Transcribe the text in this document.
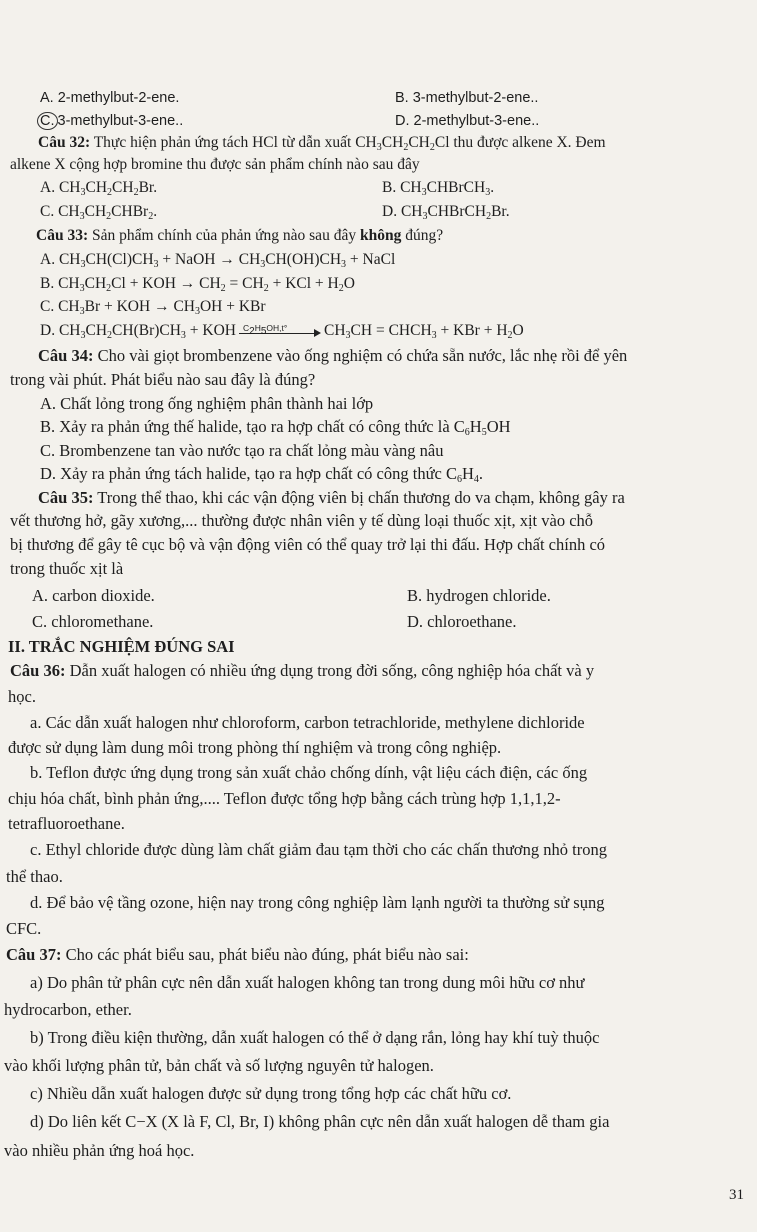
A. 2-methylbut-2-ene.	B. 3-methylbut-2-ene..
C. 3-methylbut-3-ene..	D. 2-methylbut-3-ene..
Câu 32: Thực hiện phản ứng tách HCl từ dẫn xuất $CH_3CH_2CH_2Cl$ thu được alkene X. Đem
alkene X cộng hợp bromine thu được sản phẩm chính nào sau đây
A. $CH_3CH_2CH_2Br$.	B. $CH_3CHBrCH_3$.
C. $CH_3CH_2CHBr_2$.	D. $CH_3CHBrCH_2Br$.
Câu 33: Sản phẩm chính của phản ứng nào sau đây không đúng?
A. $CH_3CH(Cl)CH_3$ + NaOH → $CH_3CH(OH)CH_3$ + NaCl
B. $CH_3CH_2Cl$ + KOH → $CH_2 = CH_2$ + KCl + $H_2O$
C. $CH_3Br$ + KOH → $CH_3OH$ + KBr
D. $CH_3CH_2CH(Br)CH_3$ + KOH $C_2H_5OH,t^\circ$ $CH_3CH$ = $CHCH_3$ + KBr + $H_2O$
Câu 34: Cho vài giọt brombenzene vào ống nghiệm có chứa sẵn nước, lắc nhẹ rồi để yên
trong vài phút. Phát biểu nào sau đây là đúng?
A. Chất lỏng trong ống nghiệm phân thành hai lớp
B. Xảy ra phản ứng thế halide, tạo ra hợp chất có công thức là $C_6H_5OH$
C. Brombenzene tan vào nước tạo ra chất lỏng màu vàng nâu
D. Xảy ra phản ứng tách halide, tạo ra hợp chất có công thức $C_6H_4$.
Câu 35: Trong thể thao, khi các vận động viên bị chấn thương do va chạm, không gây ra
vết thương hở, gãy xương,... thường được nhân viên y tế dùng loại thuốc xịt, xịt vào chỗ
bị thương để gây tê cục bộ và vận động viên có thể quay trở lại thi đấu. Hợp chất chính có
trong thuốc xịt là
A. carbon dioxide.	B. hydrogen chloride.
C. chloromethane.	D. chloroethane.
II. TRẮC NGHIỆM ĐÚNG SAI
Câu 36: Dẫn xuất halogen có nhiều ứng dụng trong đời sống, công nghiệp hóa chất và y
học.
a. Các dẫn xuất halogen như chloroform, carbon tetrachloride, methylene dichloride
được sử dụng làm dung môi trong phòng thí nghiệm và trong công nghiệp.
b. Teflon được ứng dụng trong sản xuất chảo chống dính, vật liệu cách điện, các ống
chịu hóa chất, bình phản ứng,.... Teflon được tổng hợp bằng cách trùng hợp 1,1,1,2-
tetrafluoroethane.
c. Ethyl chloride được dùng làm chất giảm đau tạm thời cho các chấn thương nhỏ trong
thể thao.
d. Để bảo vệ tầng ozone, hiện nay trong công nghiệp làm lạnh người ta thường sử sụng
CFC.
Câu 37: Cho các phát biểu sau, phát biểu nào đúng, phát biểu nào sai:
a) Do phân tử phân cực nên dẫn xuất halogen không tan trong dung môi hữu cơ như
hydrocarbon, ether.
b) Trong điều kiện thường, dẫn xuất halogen có thể ở dạng rắn, lỏng hay khí tuỳ thuộc
vào khối lượng phân tử, bản chất và số lượng nguyên tử halogen.
c) Nhiều dẫn xuất halogen được sử dụng trong tổng hợp các chất hữu cơ.
d) Do liên kết C−X (X là F, Cl, Br, I) không phân cực nên dẫn xuất halogen dễ tham gia
vào nhiều phản ứng hoá học.
31
